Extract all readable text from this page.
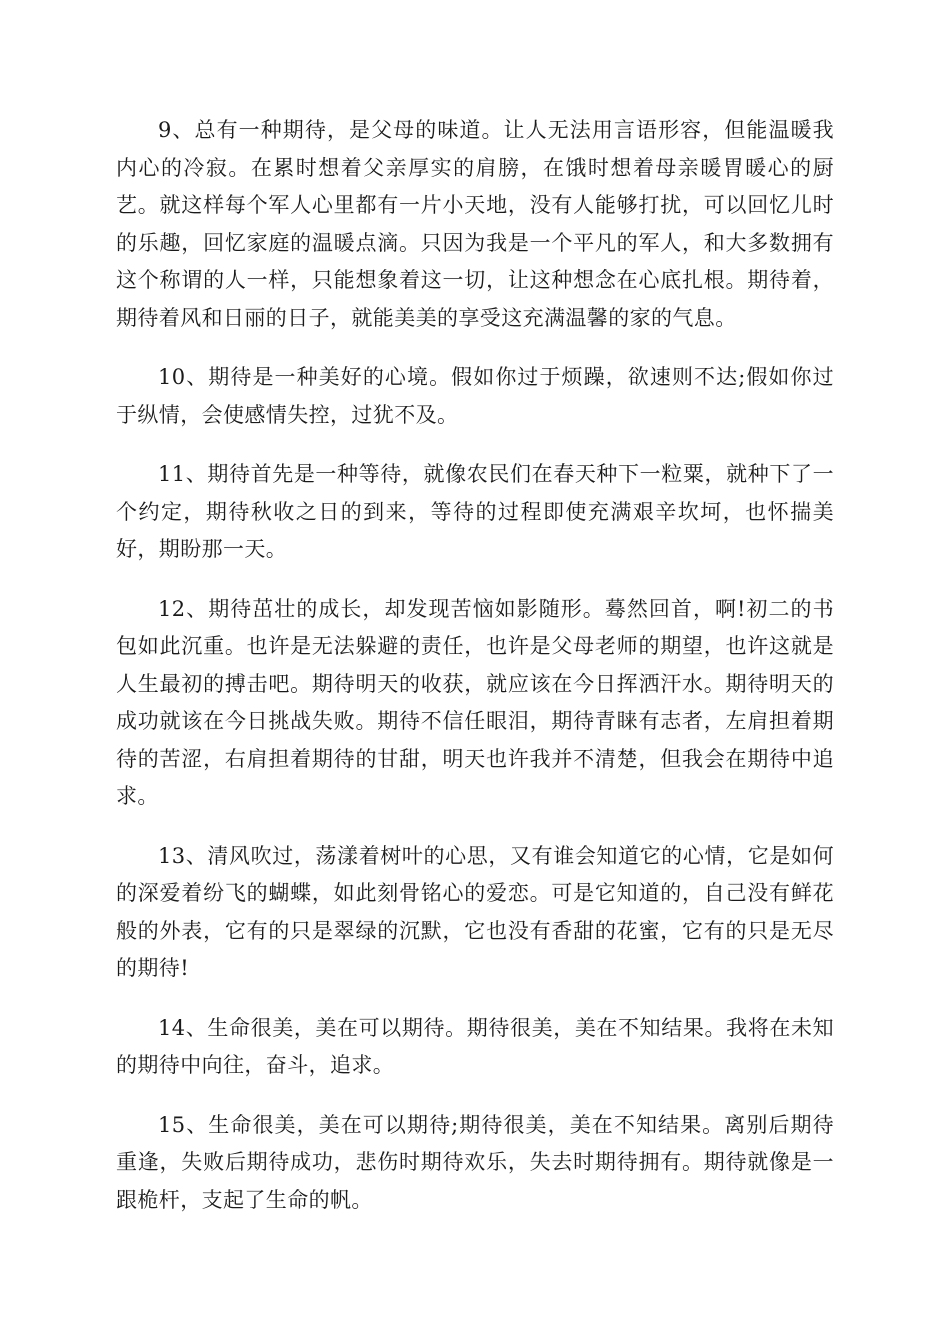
9、总有一种期待，是父母的味道。让人无法用言语形容，但能温暖我内心的冷寂。在累时想着父亲厚实的肩膀，在饿时想着母亲暖胃暖心的厨艺。就这样每个军人心里都有一片小天地，没有人能够打扰，可以回忆儿时的乐趣，回忆家庭的温暖点滴。只因为我是一个平凡的军人，和大多数拥有这个称谓的人一样，只能想象着这一切，让这种想念在心底扎根。期待着，期待着风和日丽的日子，就能美美的享受这充满温馨的家的气息。

10、期待是一种美好的心境。假如你过于烦躁，欲速则不达;假如你过于纵情，会使感情失控，过犹不及。

11、期待首先是一种等待，就像农民们在春天种下一粒粟，就种下了一个约定，期待秋收之日的到来，等待的过程即使充满艰辛坎坷，也怀揣美好，期盼那一天。

12、期待茁壮的成长，却发现苦恼如影随形。蓦然回首，啊!初二的书包如此沉重。也许是无法躲避的责任，也许是父母老师的期望，也许这就是人生最初的搏击吧。期待明天的收获，就应该在今日挥洒汗水。期待明天的成功就该在今日挑战失败。期待不信任眼泪，期待青睐有志者，左肩担着期待的苦涩，右肩担着期待的甘甜，明天也许我并不清楚，但我会在期待中追求。

13、清风吹过，荡漾着树叶的心思，又有谁会知道它的心情，它是如何的深爱着纷飞的蝴蝶，如此刻骨铭心的爱恋。可是它知道的，自己没有鲜花般的外表，它有的只是翠绿的沉默，它也没有香甜的花蜜，它有的只是无尽的期待!

14、生命很美，美在可以期待。期待很美，美在不知结果。我将在未知的期待中向往，奋斗，追求。

15、生命很美，美在可以期待;期待很美，美在不知结果。离别后期待重逢，失败后期待成功，悲伤时期待欢乐，失去时期待拥有。期待就像是一跟桅杆，支起了生命的帆。
